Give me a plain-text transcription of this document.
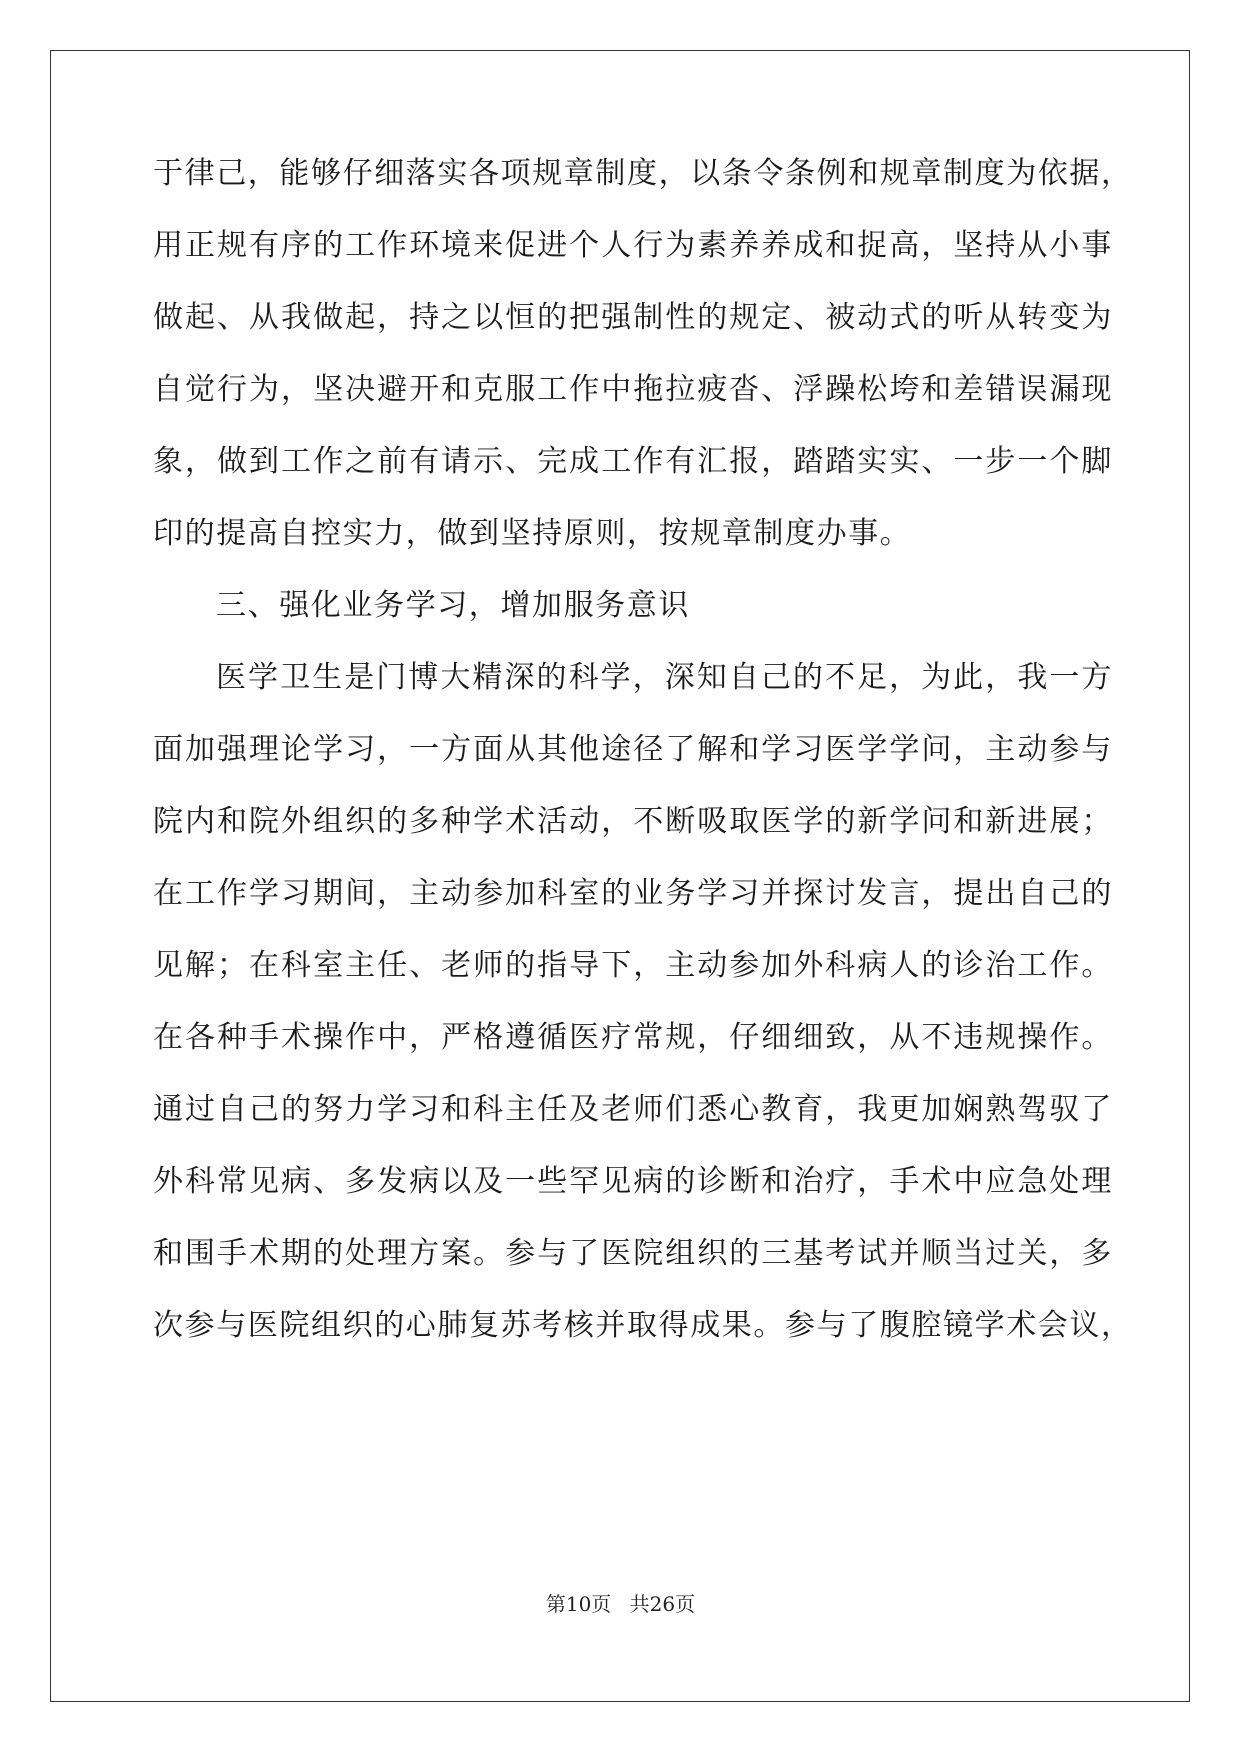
于律己，能够仔细落实各项规章制度，以条令条例和规章制度为依据，
用正规有序的工作环境来促进个人行为素养养成和捉高，坚持从小事
做起、从我做起，持之以恒的把强制性的规定、被动式的听从转变为
自觉行为，坚决避开和克服工作中拖拉疲沓、浮躁松垮和差错误漏现
象，做到工作之前有请示、完成工作有汇报，踏踏实实、一步一个脚
印的提高自控实力，做到坚持原则，按规章制度办事。
三、强化业务学习，增加服务意识
医学卫生是门博大精深的科学，深知自己的不足，为此，我一方
面加强理论学习，一方面从其他途径了解和学习医学学问，主动参与
院内和院外组织的多种学术活动，不断吸取医学的新学问和新进展；
在工作学习期间，主动参加科室的业务学习并探讨发言，提出自己的
见解；在科室主任、老师的指导下，主动参加外科病人的诊治工作。
在各种手术操作中，严格遵循医疗常规，仔细细致，从不违规操作。
通过自己的努力学习和科主任及老师们悉心教育，我更加娴熟驾驭了
外科常见病、多发病以及一些罕见病的诊断和治疗，手术中应急处理
和围手术期的处理方案。参与了医院组织的三基考试并顺当过关，多
次参与医院组织的心肺复苏考核并取得成果。参与了腹腔镜学术会议，
第10页 共26页
